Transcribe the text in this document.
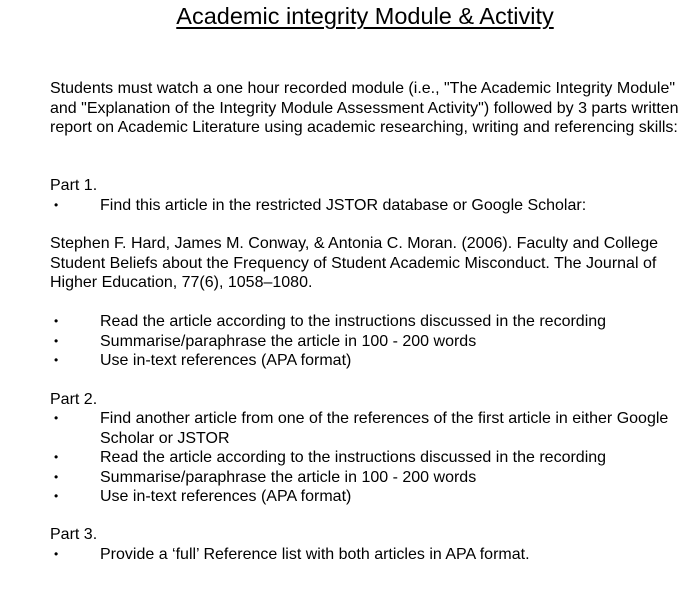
Academic integrity Module & Activity

Students must watch a one hour recorded module (i.e., "The Academic Integrity Module" and "Explanation of the Integrity Module Assessment Activity") followed by 3 parts written report on Academic Literature using academic researching, writing and referencing skills:

Part 1.

•	Find this article in the restricted JSTOR database or Google Scholar:

Stephen F. Hard, James M. Conway, & Antonia C. Moran. (2006). Faculty and College Student Beliefs about the Frequency of Student Academic Misconduct. The Journal of Higher Education, 77(6), 1058–1080.

•	Read the article according to the instructions discussed in the recording
•	Summarise/paraphrase the article in 100 - 200 words
•	Use in-text references (APA format)

Part 2.

•	Find another article from one of the references of the first article in either Google Scholar or JSTOR
•	Read the article according to the instructions discussed in the recording
•	Summarise/paraphrase the article in 100 - 200 words
•	Use in-text references (APA format)

Part 3.

•	Provide a ‘full’ Reference list with both articles in APA format.
